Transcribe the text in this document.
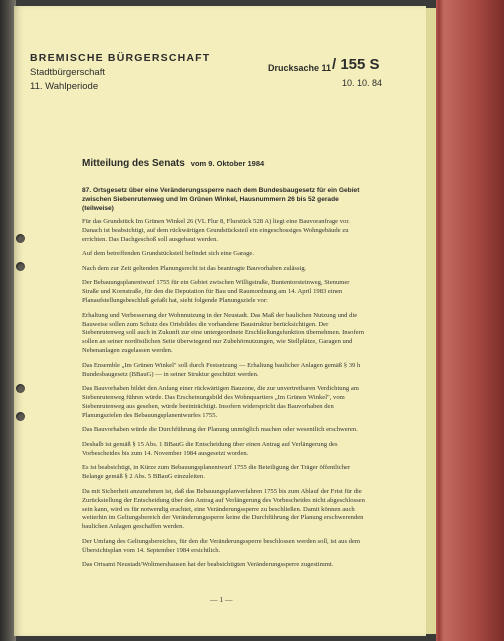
BREMISCHE BÜRGERSCHAFT
Stadtbürgerschaft
11. Wahlperiode
Drucksache 11 / 155 S
10. 10. 84
Mitteilung des Senats vom 9. Oktober 1984
87. Ortsgesetz über eine Veränderungssperre nach dem Bundesbaugesetz für ein Gebiet zwischen Siebenrutenweg und Im Grünen Winkel, Hausnummern 26 bis 52 gerade (teilweise)

Für das Grundstück Im Grünen Winkel 26 (VL Flur 8, Flurstück 528 A) liegt eine Bauvoranfrage vor. Danach ist beabsichtigt, auf dem rückwärtigen Grundstücksteil ein eingeschossiges Wohngebäude zu errichten. Das Dachgeschoß soll ausgebaut werden.

Auf dem betreffenden Grundstücksteil befindet sich eine Garage.

Nach dem zur Zeit geltenden Planungsrecht ist das beantragte Bauvorhaben zulässig.

Der Bebauungsplanentwurf 1755 für ein Gebiet zwischen Willigstraße, Buntentorsteinweg, Stenumer Straße und Kornstraße, für den die Deputation für Bau und Raumordnung am 14. April 1983 einen Planaufstellungsbeschluß gefaßt hat, sieht folgende Planungsziele vor:

Erhaltung und Verbesserung der Wohnnutzung in der Neustadt. Das Maß der baulichen Nutzung und die Bauweise sollen zum Schutz des Ortsbildes die vorhandene Baustruktur berücksichtigen. Der Siebenrutenweg soll auch in Zukunft zur eine untergeordnete Erschließungsfunktion übernehmen. Insofern sollen an seiner nordöstlichen Seite überwiegend nur Zubehörnutzungen, wie Stellplätze, Garagen und Nebenanlagen zugelassen werden.

Das Ensemble „Im Grünen Winkel" soll durch Festsetzung — Erhaltung baulicher Anlagen gemäß § 39 h Bundesbaugesetz (BBauG) — in seiner Struktur geschützt werden.

Das Bauvorhaben bildet den Anfang einer rückwärtigen Bauzone, die zur unvertretbaren Verdichtung am Siebenrutenweg führen würde. Das Erscheinungsbild des Wohnquartiers „Im Grünen Winkel", vom Siebenrutenweg aus gesehen, würde beeinträchtigt. Insofern widerspricht das Bauvorhaben den Planungszielen des Bebauungsplanentwurfes 1755.

Das Bauvorhaben würde die Durchführung der Planung unmöglich machen oder wesentlich erschweren.

Deshalb ist gemäß § 15 Abs. 1 BBauG die Entscheidung über einen Antrag auf Verlängerung des Vorbescheides bis zum 14. November 1984 ausgesetzt worden.

Es ist beabsichtigt, in Kürze zum Bebauungsplanentwurf 1755 die Beteiligung der Träger öffentlicher Belange gemäß § 2 Abs. 5 BBauG einzuleiten.

Da mit Sicherheit anzunehmen ist, daß das Bebauungsplanverfahren 1755 bis zum Ablauf der Frist für die Zurückstellung der Entscheidung über den Antrag auf Verlängerung des Vorbescheides nicht abgeschlossen sein kann, wird es für notwendig erachtet, eine Veränderungssperre zu beschließen. Damit können auch weiterhin im Geltungsbereich der Veränderungssperre keine die Durchführung der Planung erschwerenden baulichen Anlagen geschaffen werden.

Der Umfang des Geltungsbereiches, für den die Veränderungssperre beschlossen werden soll, ist aus dem Übersichtsplan vom 14. September 1984 ersichtlich.

Das Ortsamt Neustadt/Woltmershausen hat der beabsichtigten Veränderungssperre zugestimmt.

— 1 —
